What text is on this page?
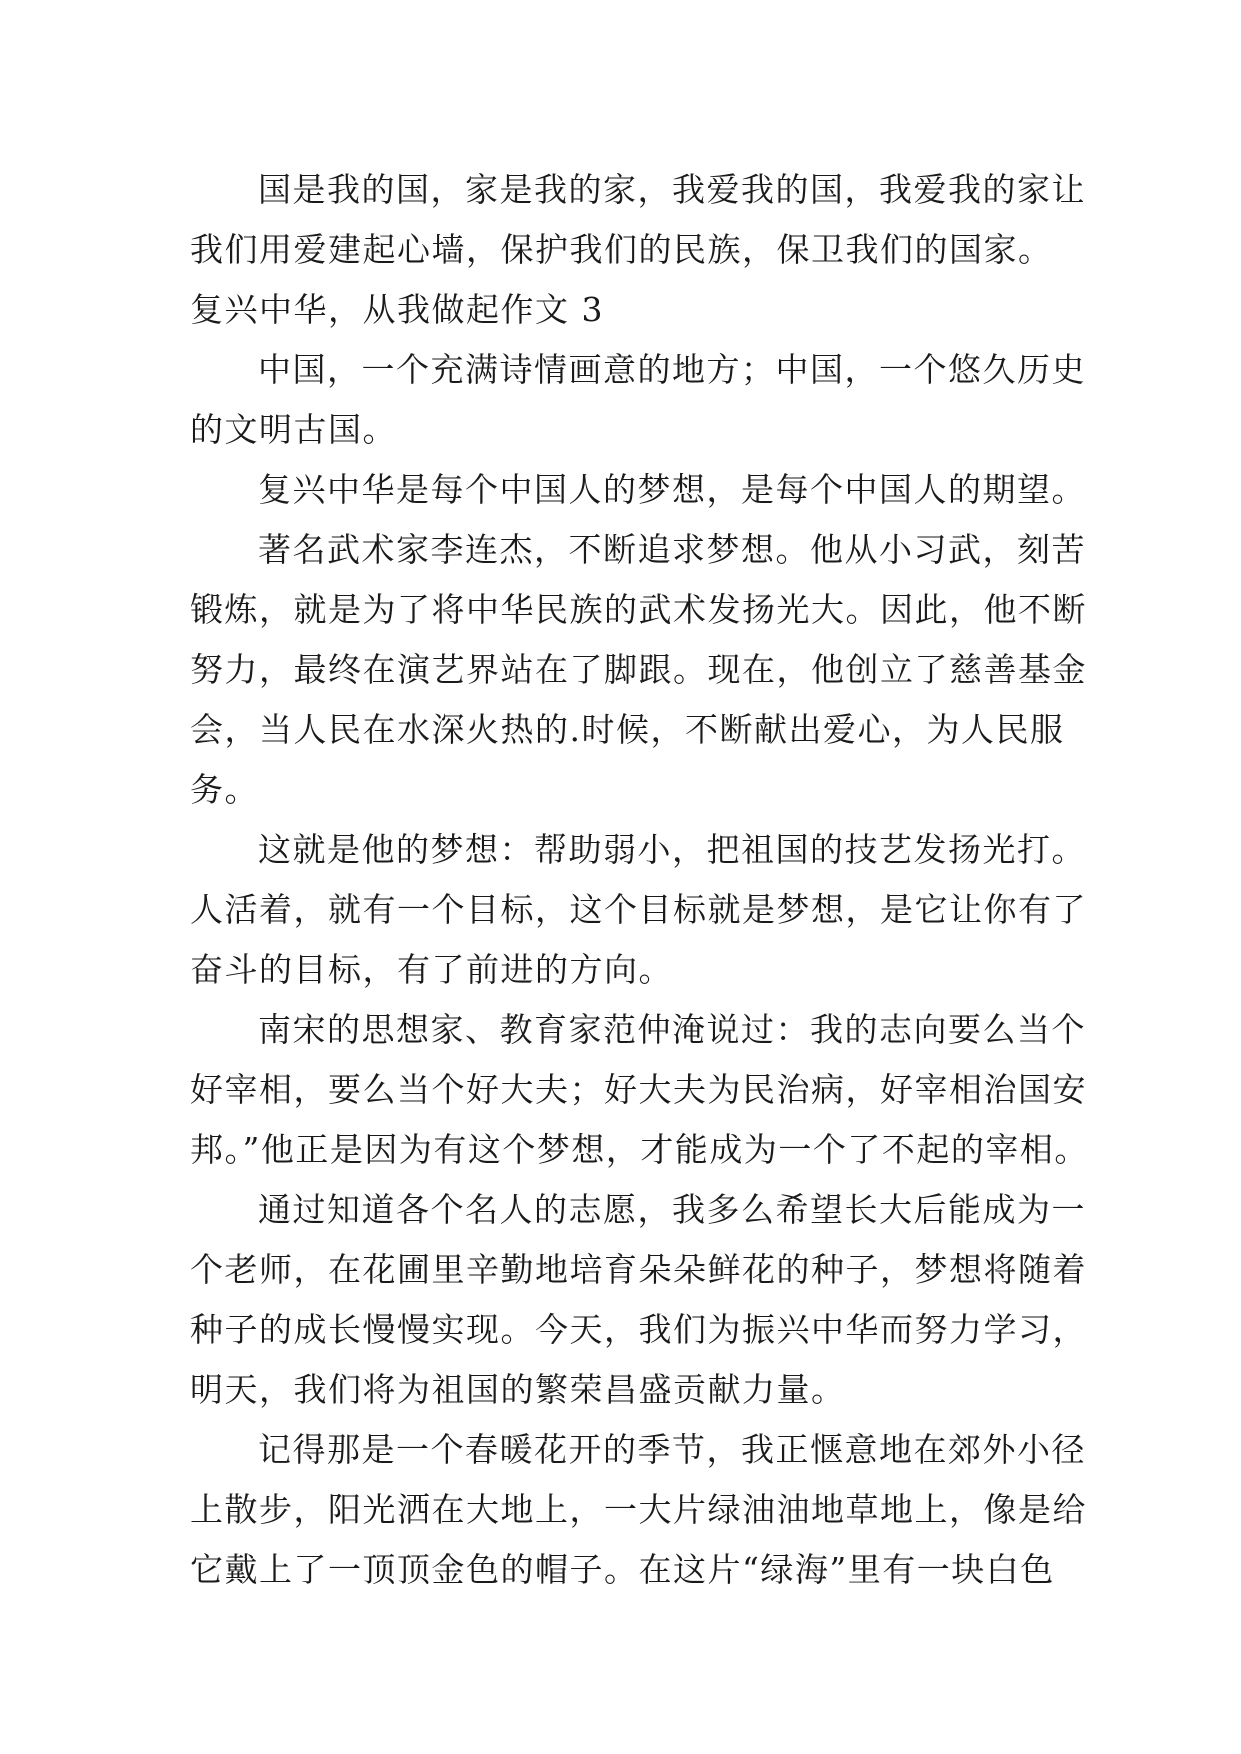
国是我的国，家是我的家，我爱我的国，我爱我的家让
我们用爱建起心墙，保护我们的民族，保卫我们的国家。
复兴中华，从我做起作文 3
中国，一个充满诗情画意的地方；中国，一个悠久历史
的文明古国。
复兴中华是每个中国人的梦想，是每个中国人的期望。
著名武术家李连杰，不断追求梦想。他从小习武，刻苦
锻炼，就是为了将中华民族的武术发扬光大。因此，他不断
努力，最终在演艺界站在了脚跟。现在，他创立了慈善基金
会，当人民在水深火热的.时候，不断献出爱心，为人民服
务。
这就是他的梦想：帮助弱小，把祖国的技艺发扬光打。
人活着，就有一个目标，这个目标就是梦想，是它让你有了
奋斗的目标，有了前进的方向。
南宋的思想家、教育家范仲淹说过：我的志向要么当个
好宰相，要么当个好大夫；好大夫为民治病，好宰相治国安
邦。”他正是因为有这个梦想，才能成为一个了不起的宰相。
通过知道各个名人的志愿，我多么希望长大后能成为一
个老师，在花圃里辛勤地培育朵朵鲜花的种子，梦想将随着
种子的成长慢慢实现。今天，我们为振兴中华而努力学习，
明天，我们将为祖国的繁荣昌盛贡献力量。
记得那是一个春暖花开的季节，我正惬意地在郊外小径
上散步，阳光洒在大地上，一大片绿油油地草地上，像是给
它戴上了一顶顶金色的帽子。在这片“绿海”里有一块白色
